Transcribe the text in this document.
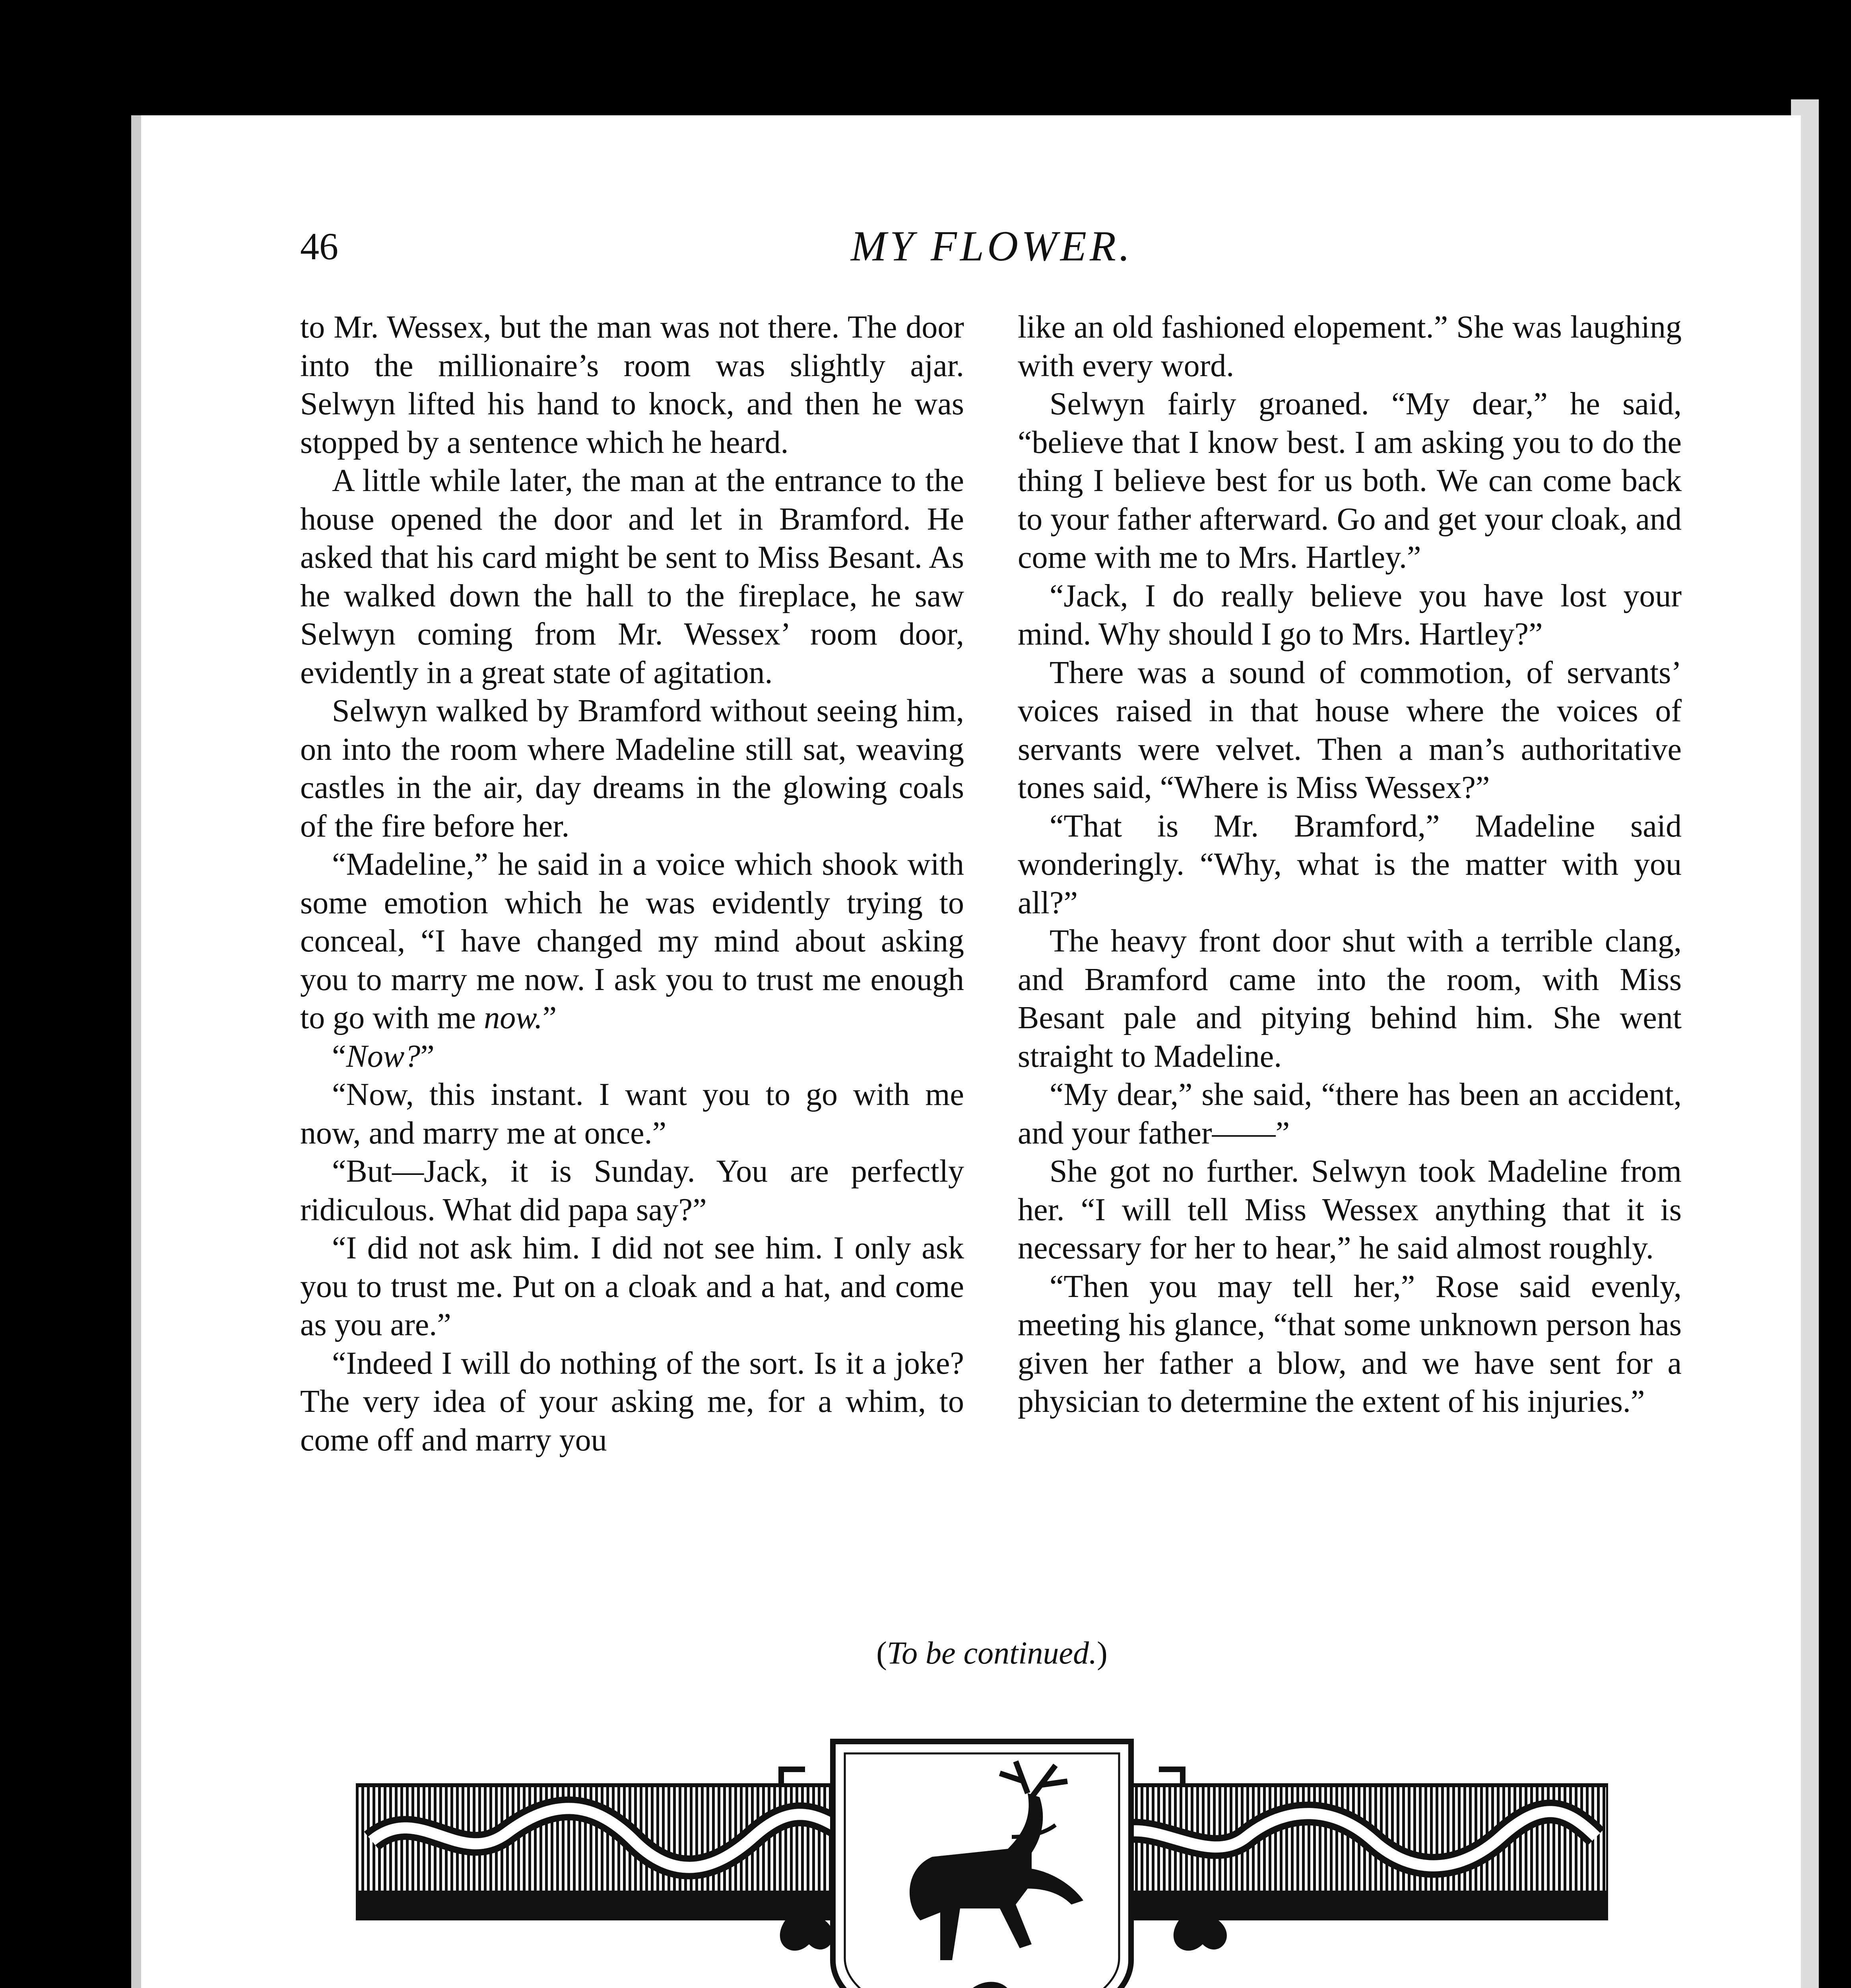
46	MY FLOWER.

to Mr. Wessex, but the man was not there. The door into the millionaire’s room was slightly ajar. Selwyn lifted his hand to knock, and then he was stopped by a sentence which he heard.

A little while later, the man at the entrance to the house opened the door and let in Bramford. He asked that his card might be sent to Miss Besant. As he walked down the hall to the fireplace, he saw Selwyn coming from Mr. Wessex’ room door, evidently in a great state of agitation.

Selwyn walked by Bramford without seeing him, on into the room where Madeline still sat, weaving castles in the air, day dreams in the glowing coals of the fire before her.

“Madeline,” he said in a voice which shook with some emotion which he was evidently trying to conceal, “I have changed my mind about asking you to marry me now. I ask you to trust me enough to go with me now.”

“Now?”

“Now, this instant. I want you to go with me now, and marry me at once.”

“But—Jack, it is Sunday. You are perfectly ridiculous. What did papa say?”

“I did not ask him. I did not see him. I only ask you to trust me. Put on a cloak and a hat, and come as you are.”

“Indeed I will do nothing of the sort. Is it a joke? The very idea of your asking me, for a whim, to come off and marry you

like an old fashioned elopement.” She was laughing with every word.

Selwyn fairly groaned. “My dear,” he said, “believe that I know best. I am asking you to do the thing I believe best for us both. We can come back to your father afterward. Go and get your cloak, and come with me to Mrs. Hartley.”

“Jack, I do really believe you have lost your mind. Why should I go to Mrs. Hartley?”

There was a sound of commotion, of servants’ voices raised in that house where the voices of servants were velvet. Then a man’s authoritative tones said, “Where is Miss Wessex?”

“That is Mr. Bramford,” Madeline said wonderingly. “Why, what is the matter with you all?”

The heavy front door shut with a terrible clang, and Bramford came into the room, with Miss Besant pale and pitying behind him. She went straight to Madeline.

“My dear,” she said, “there has been an accident, and your father——”

She got no further. Selwyn took Madeline from her. “I will tell Miss Wessex anything that it is necessary for her to hear,” he said almost roughly.

“Then you may tell her,” Rose said evenly, meeting his glance, “that some unknown person has given her father a blow, and we have sent for a physician to determine the extent of his injuries.”

(To be continued.)
